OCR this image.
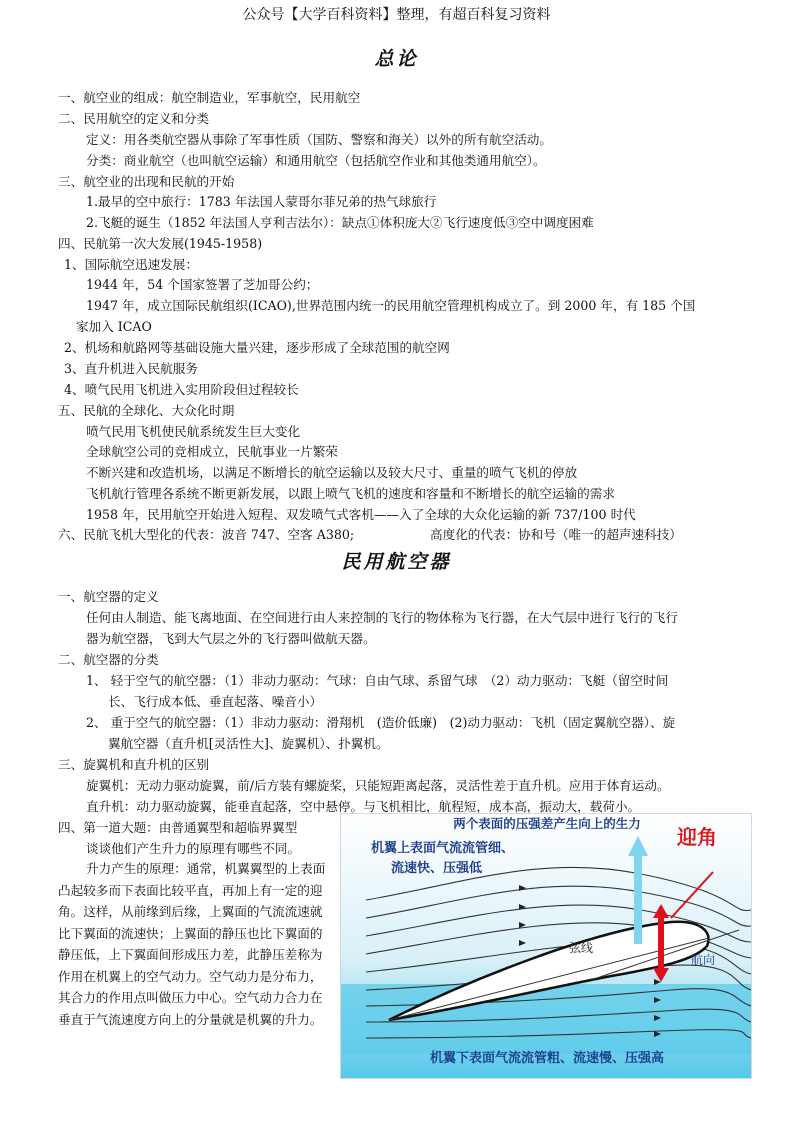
公众号【大学百科资料】整理，有超百科复习资料
总论
一、航空业的组成：航空制造业，军事航空，民用航空
二、民用航空的定义和分类
定义：用各类航空器从事除了军事性质（国防、警察和海关）以外的所有航空活动。
分类：商业航空（也叫航空运输）和通用航空（包括航空作业和其他类通用航空）。
三、航空业的出现和民航的开始
1.最早的空中旅行：1783 年法国人蒙哥尔菲兄弟的热气球旅行
2.飞艇的诞生（1852 年法国人亨利吉法尔）：缺点①体积庞大②飞行速度低③空中调度困难
四、民航第一次大发展(1945-1958)
1、国际航空迅速发展：
1944 年，54 个国家签署了芝加哥公约；
1947 年，成立国际民航组织(ICAO),世界范围内统一的民用航空管理机构成立了。到 2000 年，有 185 个国
家加入 ICAO
2、机场和航路网等基础设施大量兴建，逐步形成了全球范围的航空网
3、直升机进入民航服务
4、喷气民用飞机进入实用阶段但过程较长
五、民航的全球化、大众化时期
喷气民用飞机使民航系统发生巨大变化
全球航空公司的竞相成立，民航事业一片繁荣
不断兴建和改造机场，以满足不断增长的航空运输以及较大尺寸、重量的喷气飞机的停放
飞机航行管理各系统不断更新发展，以跟上喷气飞机的速度和容量和不断增长的航空运输的需求
1958 年，民用航空开始进入短程、双发喷气式客机——入了全球的大众化运输的新 737/100 时代
六、民航飞机大型化的代表：波音 747、空客 A380;	高度化的代表：协和号（唯一的超声速科技）
民用航空器
一、航空器的定义
任何由人制造、能飞离地面、在空间进行由人来控制的飞行的物体称为飞行器，在大气层中进行飞行的飞行
器为航空器，飞到大气层之外的飞行器叫做航天器。
二、航空器的分类
1、 轻于空气的航空器：（1）非动力驱动：气球：自由气球、系留气球　（2）动力驱动：飞艇（留空时间
长、飞行成本低、垂直起落、噪音小）
2、 重于空气的航空器：（1）非动力驱动：滑翔机　(造价低廉)　(2)动力驱动：飞机（固定翼航空器）、旋
翼航空器（直升机[灵活性大]、旋翼机）、扑翼机。
三、旋翼机和直升机的区别
旋翼机：无动力驱动旋翼，前/后方装有螺旋桨，只能短距离起落，灵活性差于直升机。应用于体育运动。
直升机：动力驱动旋翼，能垂直起落，空中悬停。与飞机相比，航程短，成本高，振动大，载荷小。
四、第一道大题：由普通翼型和超临界翼型
谈谈他们产生升力的原理有哪些不同。
升力产生的原理：通常，机翼翼型的上表面凸起较多而下表面比较平直，再加上有一定的迎角。这样，从前缘到后缘，上翼面的气流流速就比下翼面的流速快；上翼面的静压也比下翼面的静压低，上下翼面间形成压力差，此静压差称为作用在机翼上的空气动力。空气动力是分布力，其合力的作用点叫做压力中心。空气动力合力在垂直于气流速度方向上的分量就是机翼的升力。
两个表面的压强差产生向上的生力
机翼上表面气流流管细、
流速快、压强低
迎角
弦线
航向
机翼下表面气流流管粗、流速慢、压强高
